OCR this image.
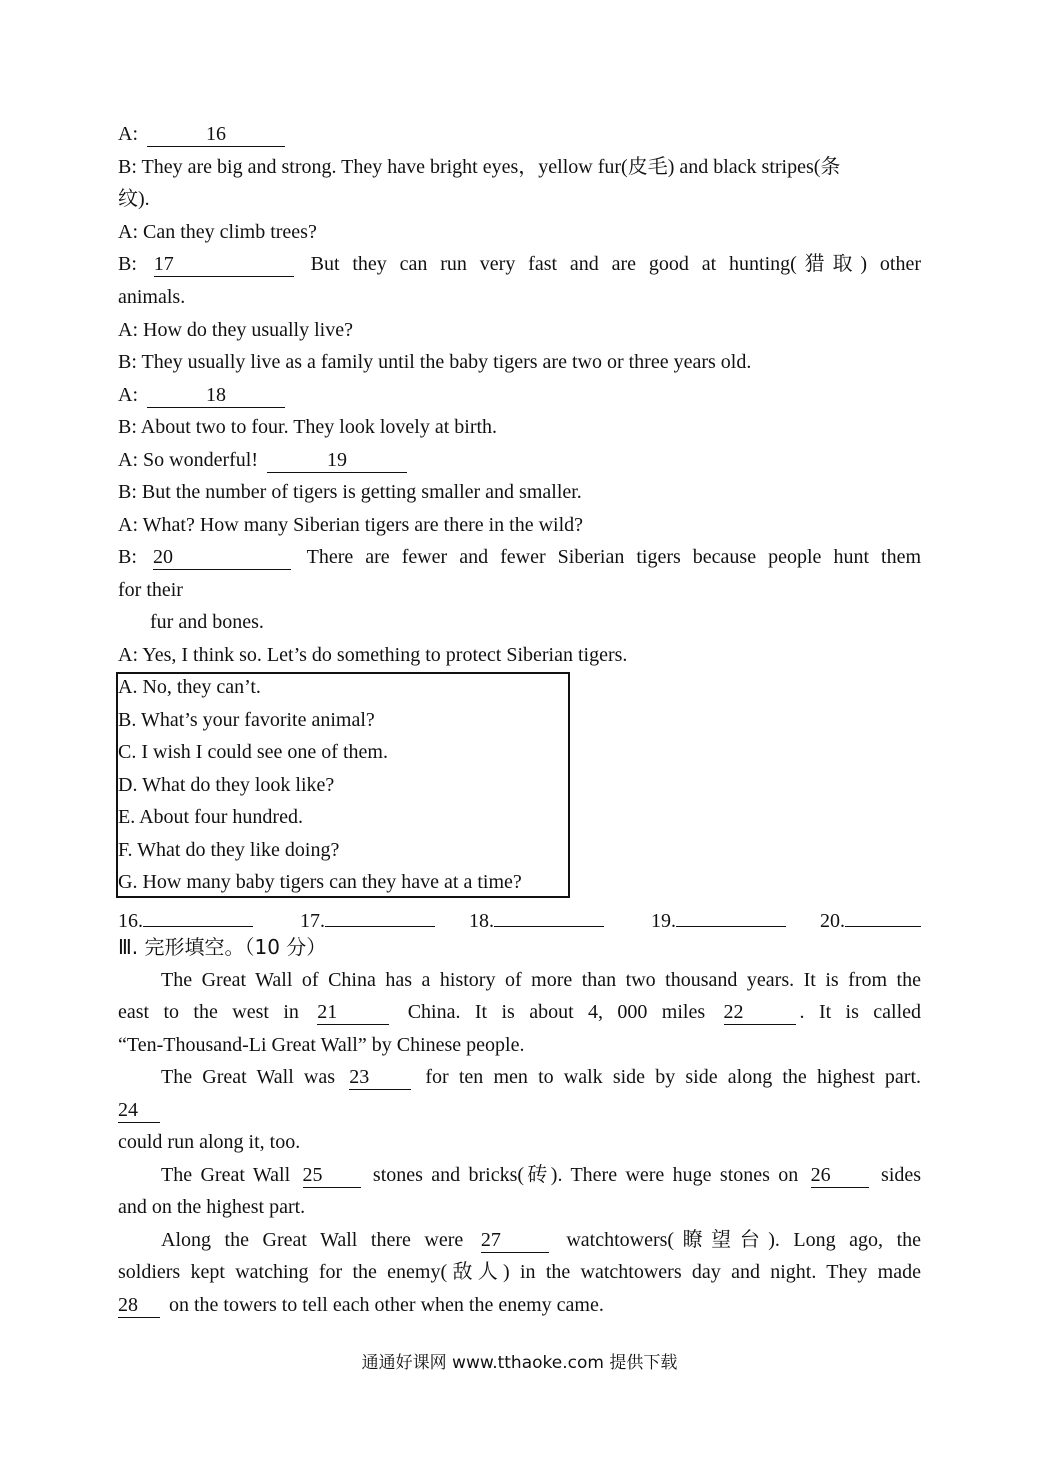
A:	16
B: They are big and strong. They have bright eyes，yellow fur(皮毛) and black stripes(条
纹).
A: Can they climb trees?
B: 17	But they can run very fast and are good at hunting(猎取) other
animals.
A: How do they usually live?
B: They usually live as a family until the baby tigers are two or three years old.
A:	18
B: About two to four. They look lovely at birth.
A: So wonderful!	19
B: But the number of tigers is getting smaller and smaller.
A: What? How many Siberian tigers are there in the wild?
B: 20	There are fewer and fewer Siberian tigers because people hunt them
for their
fur and bones.
A: Yes, I think so. Let’s do something to protect Siberian tigers.
A. No, they can’t.
B. What’s your favorite animal?
C. I wish I could see one of them.
D. What do they look like?
E. About four hundred.
F. What do they like doing?
G. How many baby tigers can they have at a time?
16.	17.	18.	19.	20.
Ⅲ. 完形填空。（10 分）
The Great Wall of China has a history of more than two thousand years. It is from the
east to the west in 21	China. It is about 4, 000 miles 22	. It is called
“Ten-Thousand-Li Great Wall” by Chinese people.
The Great Wall was 23	for ten men to walk side by side along the highest part.
24
could run along it, too.
The Great Wall 25	stones and bricks(砖). There were huge stones on 26	sides
and on the highest part.
Along the Great Wall there were 27	watchtowers(瞭望台). Long ago, the
soldiers kept watching for the enemy(敌人) in the watchtowers day and night. They made
28 on the towers to tell each other when the enemy came.
通通好课网 www.tthaoke.com 提供下载
